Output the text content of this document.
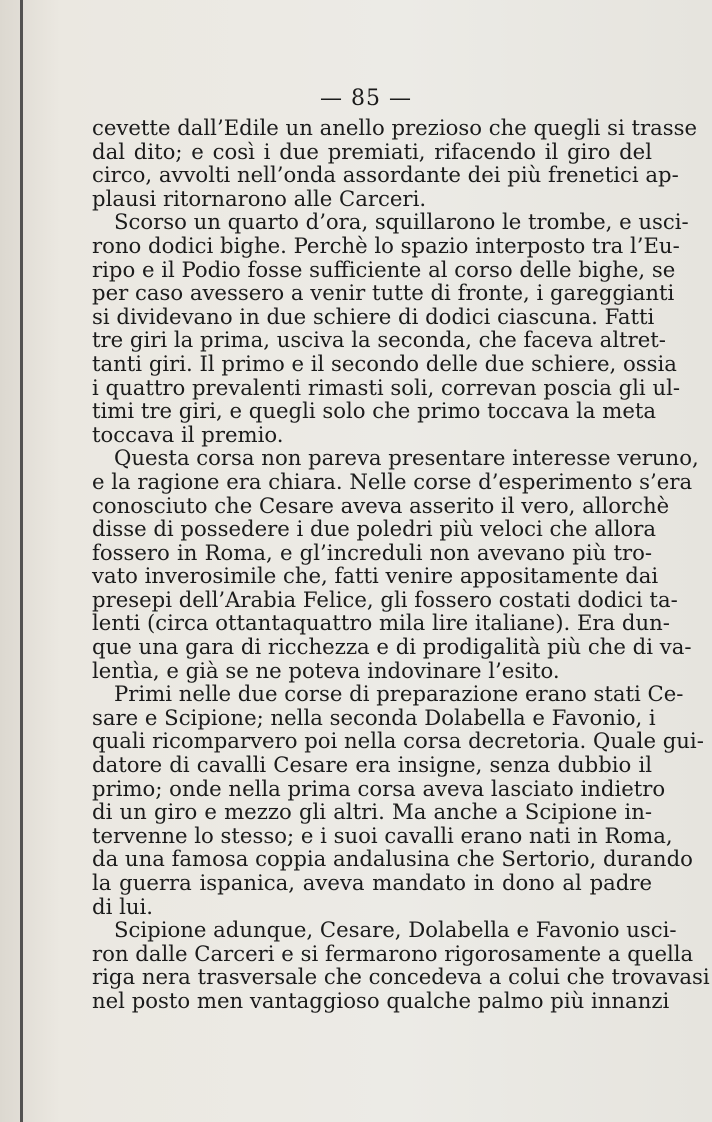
— 85 —
cevette dall’Edile un anello prezioso che quegli si trasse
dal dito; e così i due premiati, rifacendo il giro del
circo, avvolti nell’onda assordante dei più frenetici ap-
plausi ritornarono alle Carceri.
Scorso un quarto d’ora, squillarono le trombe, e usci-
rono dodici bighe. Perchè lo spazio interposto tra l’Eu-
ripo e il Podio fosse sufficiente al corso delle bighe, se
per caso avessero a venir tutte di fronte, i gareggianti
si dividevano in due schiere di dodici ciascuna. Fatti
tre giri la prima, usciva la seconda, che faceva altret-
tanti giri. Il primo e il secondo delle due schiere, ossia
i quattro prevalenti rimasti soli, correvan poscia gli ul-
timi tre giri, e quegli solo che primo toccava la meta
toccava il premio.
Questa corsa non pareva presentare interesse veruno,
e la ragione era chiara. Nelle corse d’esperimento s’era
conosciuto che Cesare aveva asserito il vero, allorchè
disse di possedere i due poledri più veloci che allora
fossero in Roma, e gl’increduli non avevano più tro-
vato inverosimile che, fatti venire appositamente dai
presepi dell’Arabia Felice, gli fossero costati dodici ta-
lenti (circa ottantaquattro mila lire italiane). Era dun-
que una gara di ricchezza e di prodigalità più che di va-
lentìa, e già se ne poteva indovinare l’esito.
Primi nelle due corse di preparazione erano stati Ce-
sare e Scipione; nella seconda Dolabella e Favonio, i
quali ricomparvero poi nella corsa decretoria. Quale gui-
datore di cavalli Cesare era insigne, senza dubbio il
primo; onde nella prima corsa aveva lasciato indietro
di un giro e mezzo gli altri. Ma anche a Scipione in-
tervenne lo stesso; e i suoi cavalli erano nati in Roma,
da una famosa coppia andalusina che Sertorio, durando
la guerra ispanica, aveva mandato in dono al padre
di lui.
Scipione adunque, Cesare, Dolabella e Favonio usci-
ron dalle Carceri e si fermarono rigorosamente a quella
riga nera trasversale che concedeva a colui che trovavasi
nel posto men vantaggioso qualche palmo più innanzi
